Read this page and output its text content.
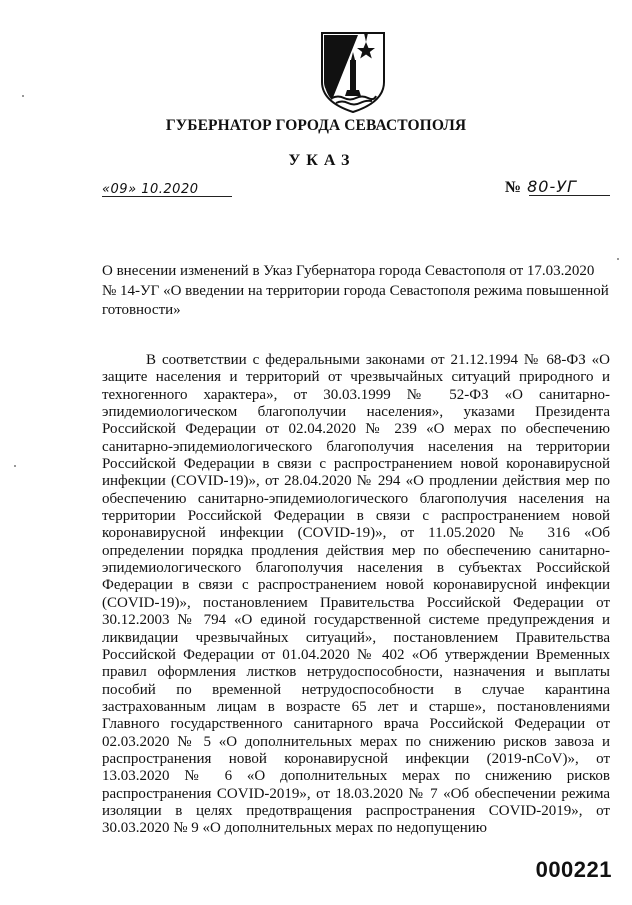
ГУБЕРНАТОР ГОРОДА СЕВАСТОПОЛЯ
УКАЗ
«09» 10.2020	№ 80-УГ
О внесении изменений в Указ Губернатора города Севастополя от 17.03.2020 № 14-УГ «О введении на территории города Севастополя режима повышенной готовности»

В соответствии с федеральными законами от 21.12.1994 № 68-ФЗ «О защите населения и территорий от чрезвычайных ситуаций природного и техногенного характера», от 30.03.1999 № 52-ФЗ «О санитарно-эпидемиологическом благополучии населения», указами Президента Российской Федерации от 02.04.2020 № 239 «О мерах по обеспечению санитарно-эпидемиологического благополучия населения на территории Российской Федерации в связи с распространением новой коронавирусной инфекции (COVID-19)», от 28.04.2020 № 294 «О продлении действия мер по обеспечению санитарно-эпидемиологического благополучия населения на территории Российской Федерации в связи с распространением новой коронавирусной инфекции (COVID-19)», от 11.05.2020 № 316 «Об определении порядка продления действия мер по обеспечению санитарно-эпидемиологического благополучия населения в субъектах Российской Федерации в связи с распространением новой коронавирусной инфекции (COVID-19)», постановлением Правительства Российской Федерации от 30.12.2003 № 794 «О единой государственной системе предупреждения и ликвидации чрезвычайных ситуаций», постановлением Правительства Российской Федерации от 01.04.2020 № 402 «Об утверждении Временных правил оформления листков нетрудоспособности, назначения и выплаты пособий по временной нетрудоспособности в случае карантина застрахованным лицам в возрасте 65 лет и старше», постановлениями Главного государственного санитарного врача Российской Федерации от 02.03.2020 № 5 «О дополнительных мерах по снижению рисков завоза и распространения новой коронавирусной инфекции (2019-nCoV)», от 13.03.2020 № 6 «О дополнительных мерах по снижению рисков распространения COVID-2019», от 18.03.2020 № 7 «Об обеспечении режима изоляции в целях предотвращения распространения COVID-2019», от 30.03.2020 № 9 «О дополнительных мерах по недопущению

000221
